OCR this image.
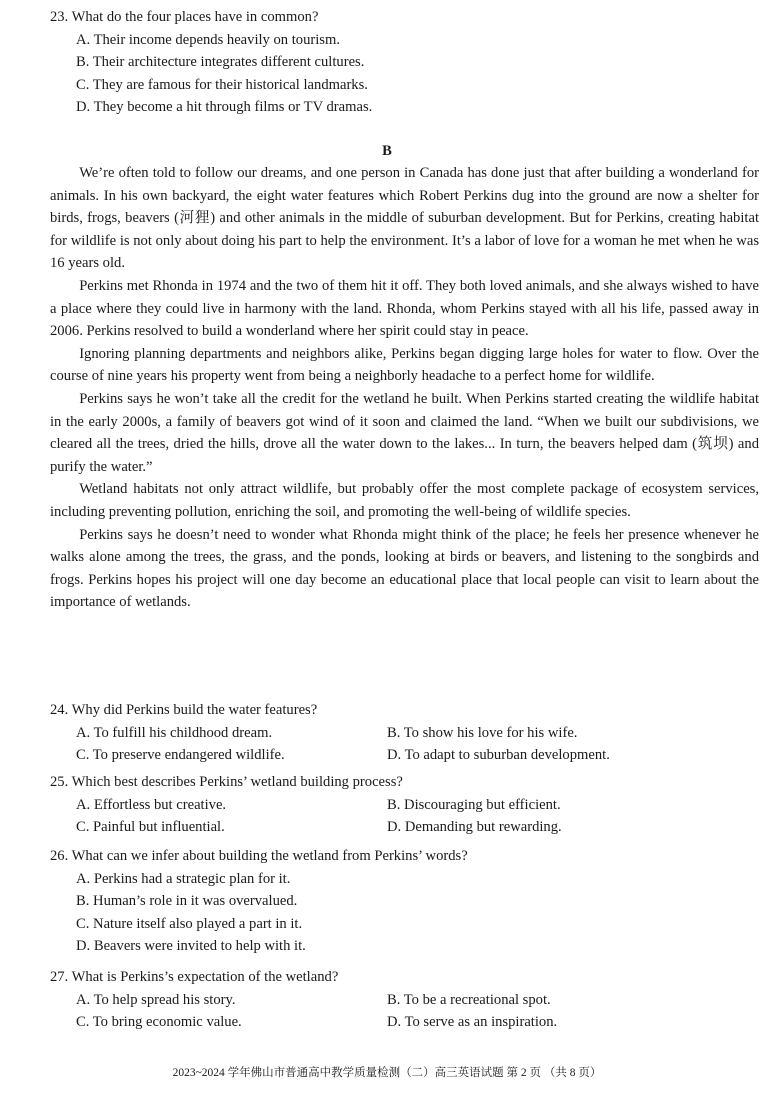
23. What do the four places have in common?

A. Their income depends heavily on tourism.

B. Their architecture integrates different cultures.

C. They are famous for their historical landmarks.

D. They become a hit through films or TV dramas.

B

We’re often told to follow our dreams, and one person in Canada has done just that after building a wonderland for animals. In his own backyard, the eight water features which Robert Perkins dug into the ground are now a shelter for birds, frogs, beavers (河狸) and other animals in the middle of suburban development. But for Perkins, creating habitat for wildlife is not only about doing his part to help the environment. It’s a labor of love for a woman he met when he was 16 years old.

Perkins met Rhonda in 1974 and the two of them hit it off. They both loved animals, and she always wished to have a place where they could live in harmony with the land. Rhonda, whom Perkins stayed with all his life, passed away in 2006. Perkins resolved to build a wonderland where her spirit could stay in peace.

Ignoring planning departments and neighbors alike, Perkins began digging large holes for water to flow. Over the course of nine years his property went from being a neighborly headache to a perfect home for wildlife.

Perkins says he won’t take all the credit for the wetland he built. When Perkins started creating the wildlife habitat in the early 2000s, a family of beavers got wind of it soon and claimed the land. “When we built our subdivisions, we cleared all the trees, dried the hills, drove all the water down to the lakes... In turn, the beavers helped dam (筑坝) and purify the water.”

Wetland habitats not only attract wildlife, but probably offer the most complete package of ecosystem services, including preventing pollution, enriching the soil, and promoting the well-being of wildlife species.

Perkins says he doesn’t need to wonder what Rhonda might think of the place; he feels her presence whenever he walks alone among the trees, the grass, and the ponds, looking at birds or beavers, and listening to the songbirds and frogs. Perkins hopes his project will one day become an educational place that local people can visit to learn about the importance of wetlands.

24. Why did Perkins build the water features?

A. To fulfill his childhood dream.	B. To show his love for his wife.
C. To preserve endangered wildlife.	D. To adapt to suburban development.

25. Which best describes Perkins’ wetland building process?

A. Effortless but creative.	B. Discouraging but efficient.
C. Painful but influential.	D. Demanding but rewarding.

26. What can we infer about building the wetland from Perkins’ words?

A. Perkins had a strategic plan for it.

B. Human’s role in it was overvalued.

C. Nature itself also played a part in it.

D. Beavers were invited to help with it.

27. What is Perkins’s expectation of the wetland?

A. To help spread his story.	B. To be a recreational spot.
C. To bring economic value.	D. To serve as an inspiration.
2023~2024 学年佛山市普通高中教学质量检测（二）高三英语试题 第 2 页 （共 8 页）
